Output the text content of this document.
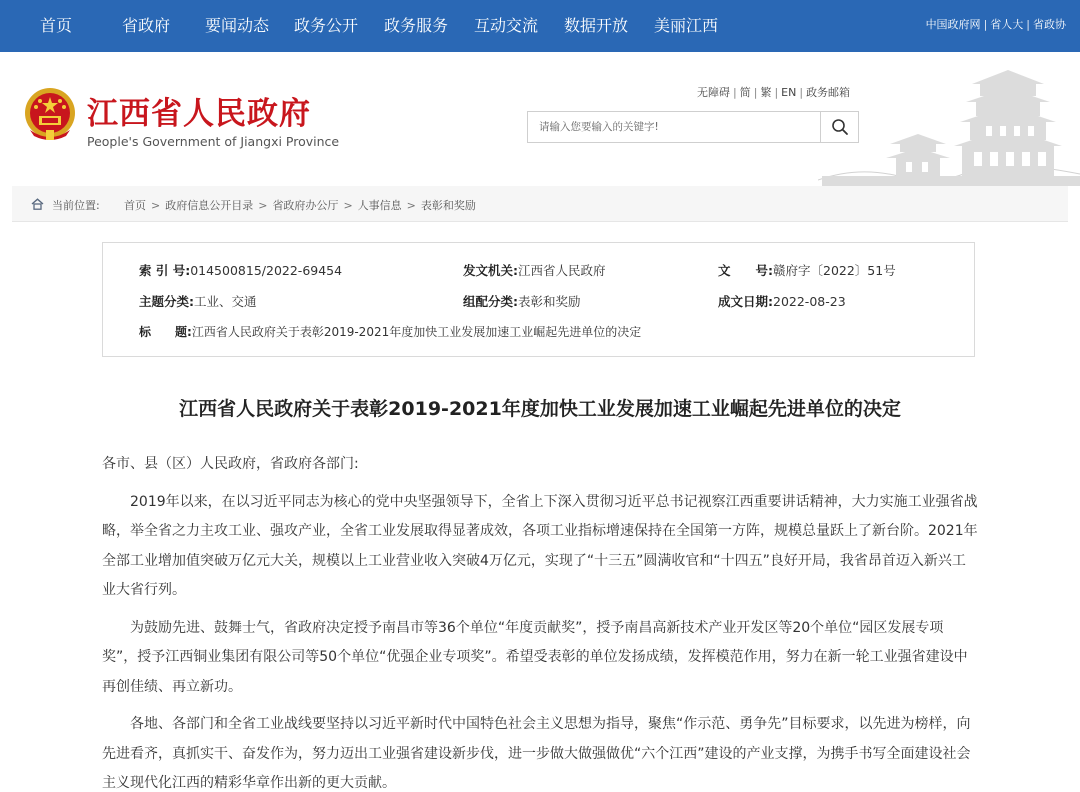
首页	省政府 要闻动态 政务公开 政务服务 互动交流 数据开放 美丽江西	中国政府网 | 省人大 | 省政协
江西省人民政府
People's Government of Jiangxi Province
无障碍 | 简 | 繁 | EN | 政务邮箱
请输入您要输入的关键字!
当前位置: 首页 > 政府信息公开目录 > 省政府办公厅 > 人事信息 > 表彰和奖励
索 引 号:014500815/2022-69454	发文机关:江西省人民政府	文　　号:赣府字〔2022〕51号
主题分类:工业、交通	组配分类:表彰和奖励	成文日期:2022-08-23
标　　题:江西省人民政府关于表彰2019-2021年度加快工业发展加速工业崛起先进单位的决定
江西省人民政府关于表彰2019-2021年度加快工业发展加速工业崛起先进单位的决定

各市、县（区）人民政府，省政府各部门:

2019年以来，在以习近平同志为核心的党中央坚强领导下，全省上下深入贯彻习近平总书记视察江西重要讲话精神，大力实施工业强省战略，举全省之力主攻工业、强攻产业，全省工业发展取得显著成效，各项工业指标增速保持在全国第一方阵，规模总量跃上了新台阶。2021年全部工业增加值突破万亿元大关，规模以上工业营业收入突破4万亿元，实现了“十三五”圆满收官和“十四五”良好开局，我省昂首迈入新兴工业大省行列。

为鼓励先进、鼓舞士气，省政府决定授予南昌市等36个单位“年度贡献奖”，授予南昌高新技术产业开发区等20个单位“园区发展专项奖”，授予江西铜业集团有限公司等50个单位“优强企业专项奖”。希望受表彰的单位发扬成绩，发挥模范作用，努力在新一轮工业强省建设中再创佳绩、再立新功。

各地、各部门和全省工业战线要坚持以习近平新时代中国特色社会主义思想为指导，聚焦“作示范、勇争先”目标要求，以先进为榜样，向先进看齐，真抓实干、奋发作为，努力迈出工业强省建设新步伐，进一步做大做强做优“六个江西”建设的产业支撑，为携手书写全面建设社会主义现代化江西的精彩华章作出新的更大贡献。
